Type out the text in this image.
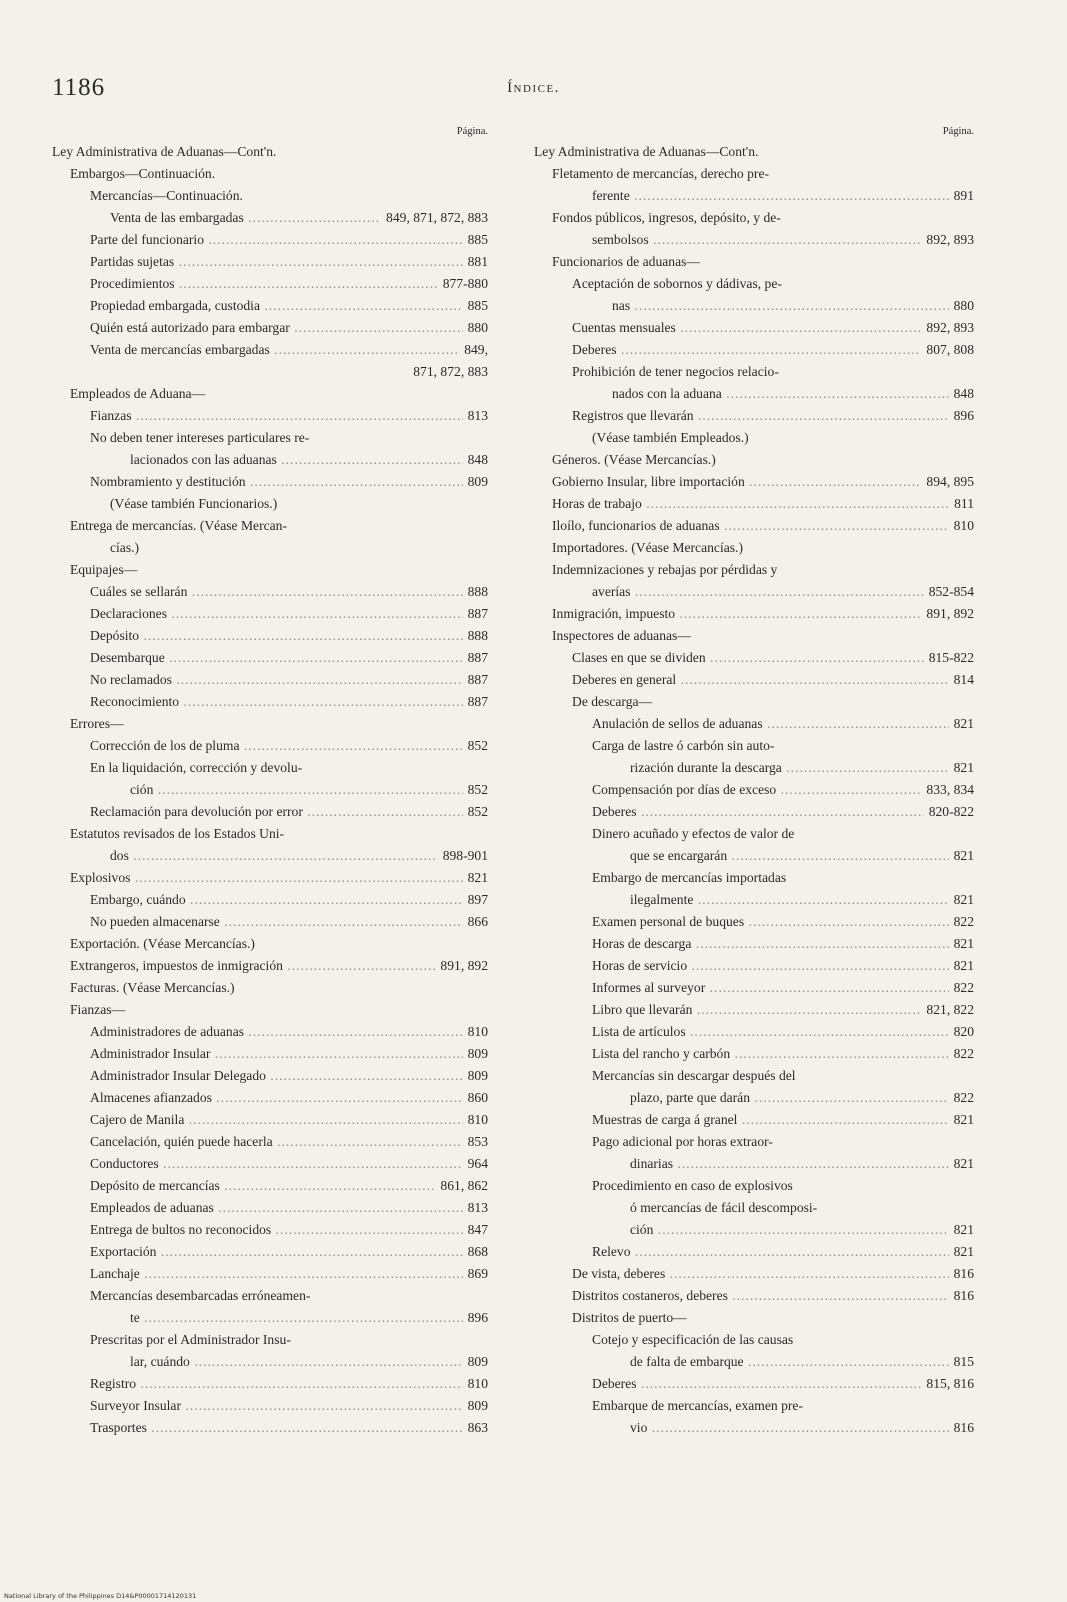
1186	Índice.
Página.
Ley Administrativa de Aduanas—Cont'n.
Embargos—Continuación.
Mercancías—Continuación.
Venta de las embargadas	849, 871, 872, 883
.....
Parte del funcionario	885
.....
Partidas sujetas	881
.....
Procedimientos	877-880
.....
Propiedad embargada, custodia	885
.....
Quién está autorizado para embargar	880
.....
Venta de mercancías embargadas	849,
.....
871, 872, 883
Empleados de Aduana—
Fianzas	813
.....
No deben tener intereses particulares re-
lacionados con las aduanas	848
.....
Nombramiento y destitución	809
.....
(Véase también Funcionarios.)
Entrega de mercancías. (Véase Mercan-
cías.)
Equipajes—
Cuáles se sellarán	888
.....
Declaraciones	887
.....
Depósito	888
.....
Desembarque	887
.....
No reclamados	887
.....
Reconocimiento	887
.....
Errores—
Corrección de los de pluma	852
.....
En la liquidación, corrección y devolu-
ción	852
.....
Reclamación para devolución por error	852
.....
Estatutos revisados de los Estados Uni-
dos	898-901
.....
Explosivos	821
.....
Embargo, cuándo	897
.....
No pueden almacenarse	866
.....
Exportación. (Véase Mercancías.)
Extrangeros, impuestos de inmigración	891, 892
.....
Facturas. (Véase Mercancías.)
Fianzas—
Administradores de aduanas	810
.....
Administrador Insular	809
.....
Administrador Insular Delegado	809
.....
Almacenes afianzados	860
.....
Cajero de Manila	810
.....
Cancelación, quién puede hacerla	853
.....
Conductores	964
.....
Depósito de mercancías	861, 862
.....
Empleados de aduanas	813
.....
Entrega de bultos no reconocidos	847
.....
Exportación	868
.....
Lanchaje	869
.....
Mercancías desembarcadas erróneamen-
te	896
.....
Prescritas por el Administrador Insu-
lar, cuándo	809
.....
Registro	810
.....
Surveyor Insular	809
.....
Trasportes	863
.....
Página.
Ley Administrativa de Aduanas—Cont'n.
Fletamento de mercancías, derecho pre-
ferente	891
.....
Fondos públicos, ingresos, depósito, y de-
sembolsos	892, 893
.....
Funcionarios de aduanas—
Aceptación de sobornos y dádivas, pe-
nas	880
.....
Cuentas mensuales	892, 893
.....
Deberes	807, 808
.....
Prohibición de tener negocios relacio-
nados con la aduana	848
.....
Registros que llevarán	896
.....
(Véase también Empleados.)
Géneros. (Véase Mercancías.)
Gobierno Insular, libre importación	894, 895
.....
Horas de trabajo	811
.....
Iloílo, funcionarios de aduanas	810
.....
Importadores. (Véase Mercancías.)
Indemnizaciones y rebajas por pérdidas y
averías	852-854
.....
Inmigración, impuesto	891, 892
.....
Inspectores de aduanas—
Clases en que se dividen	815-822
.....
Deberes en general	814
.....
De descarga—
Anulación de sellos de aduanas	821
.....
Carga de lastre ó carbón sin auto-
rización durante la descarga	821
.....
Compensación por días de exceso	833, 834
.....
Deberes	820-822
.....
Dinero acuñado y efectos de valor de
que se encargarán	821
.....
Embargo de mercancías importadas
ilegalmente	821
.....
Examen personal de buques	822
.....
Horas de descarga	821
.....
Horas de servicio	821
.....
Informes al surveyor	822
.....
Libro que llevarán	821, 822
.....
Lista de artículos	820
.....
Lista del rancho y carbón	822
.....
Mercancías sin descargar después del
plazo, parte que darán	822
.....
Muestras de carga á granel	821
.....
Pago adicional por horas extraor-
dinarias	821
.....
Procedimiento en caso de explosivos
ó mercancías de fácil descomposi-
ción	821
.....
Relevo	821
.....
De vista, deberes	816
.....
Distritos costaneros, deberes	816
.....
Distritos de puerto—
Cotejo y especificación de las causas
de falta de embarque	815
.....
Deberes	815, 816
.....
Embarque de mercancías, examen pre-
vio	816
.....
National Library of the Philippines D14&P00001714120131
